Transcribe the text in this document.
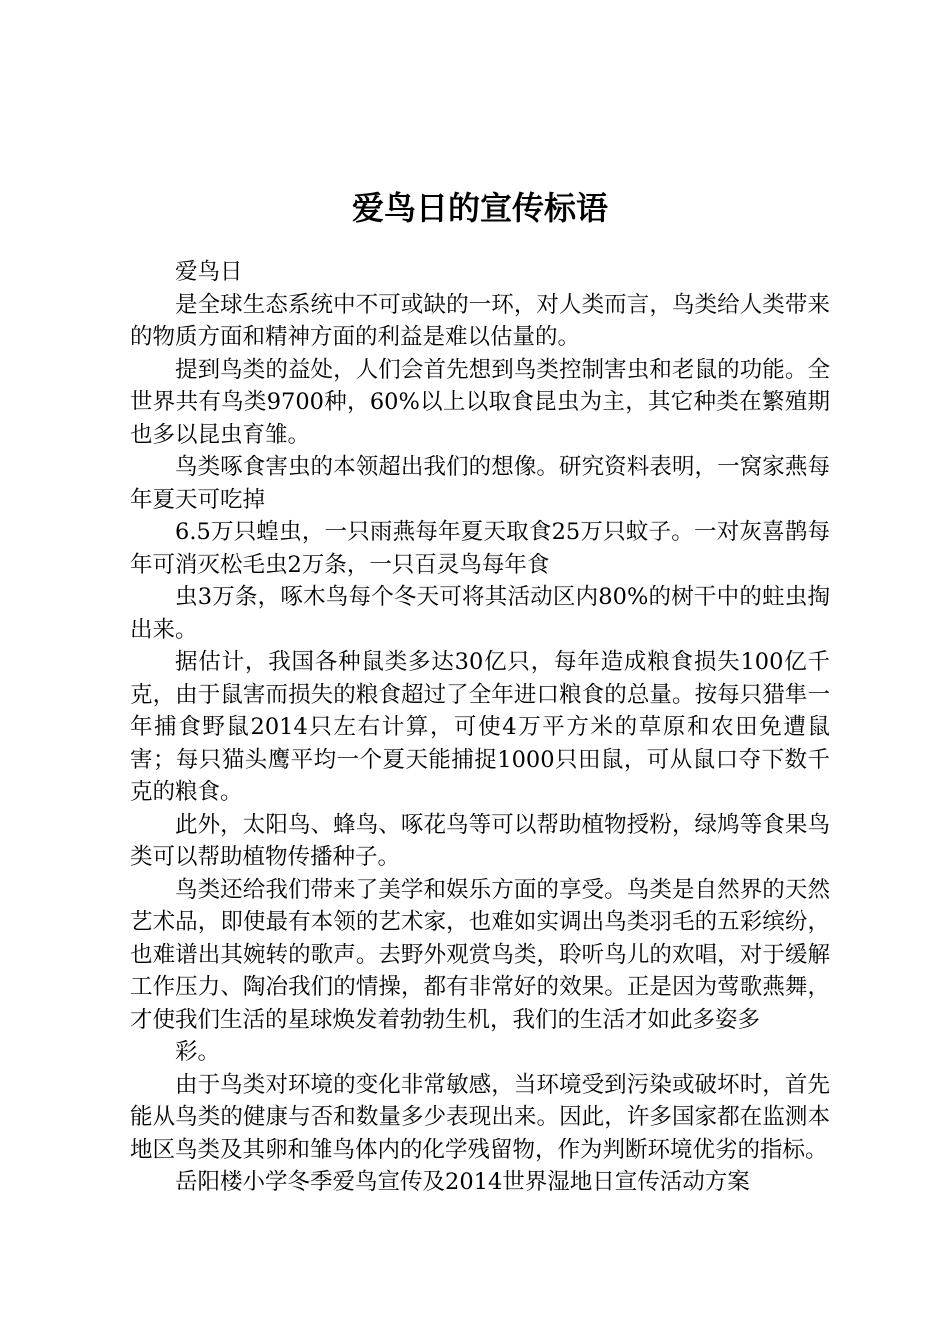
爱鸟日的宣传标语

爱鸟日

是全球生态系统中不可或缺的一环，对人类而言，鸟类给人类带来的物质方面和精神方面的利益是难以估量的。

提到鸟类的益处，人们会首先想到鸟类控制害虫和老鼠的功能。全世界共有鸟类9700种，60%以上以取食昆虫为主，其它种类在繁殖期也多以昆虫育雏。

鸟类啄食害虫的本领超出我们的想像。研究资料表明，一窝家燕每年夏天可吃掉

6.5万只蝗虫，一只雨燕每年夏天取食25万只蚊子。一对灰喜鹊每年可消灭松毛虫2万条，一只百灵鸟每年食

虫3万条，啄木鸟每个冬天可将其活动区内80%的树干中的蛀虫掏出来。

据估计，我国各种鼠类多达30亿只，每年造成粮食损失100亿千克，由于鼠害而损失的粮食超过了全年进口粮食的总量。按每只猎隼一年捕食野鼠2014只左右计算，可使4万平方米的草原和农田免遭鼠害；每只猫头鹰平均一个夏天能捕捉1000只田鼠，可从鼠口夺下数千克的粮食。

此外，太阳鸟、蜂鸟、啄花鸟等可以帮助植物授粉，绿鸠等食果鸟类可以帮助植物传播种子。

鸟类还给我们带来了美学和娱乐方面的享受。鸟类是自然界的天然艺术品，即使最有本领的艺术家，也难如实调出鸟类羽毛的五彩缤纷，也难谱出其婉转的歌声。去野外观赏鸟类，聆听鸟儿的欢唱，对于缓解工作压力、陶冶我们的情操，都有非常好的效果。正是因为莺歌燕舞，才使我们生活的星球焕发着勃勃生机，我们的生活才如此多姿多

彩。

由于鸟类对环境的变化非常敏感，当环境受到污染或破坏时，首先能从鸟类的健康与否和数量多少表现出来。因此，许多国家都在监测本地区鸟类及其卵和雏鸟体内的化学残留物，作为判断环境优劣的指标。

岳阳楼小学冬季爱鸟宣传及2014世界湿地日宣传活动方案
